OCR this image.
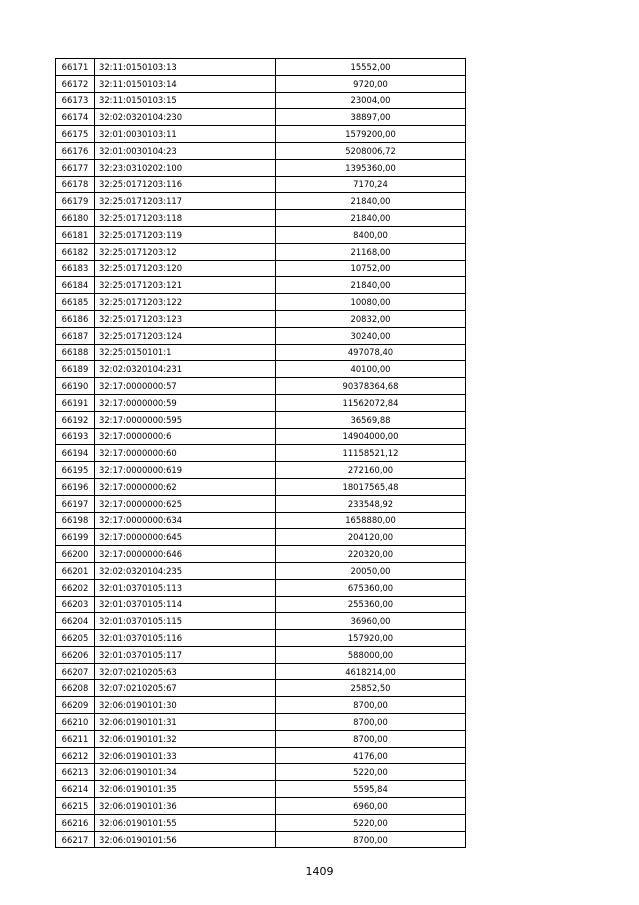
66171	32:11:0150103:13	15552,00
66172	32:11:0150103:14	9720,00
66173	32:11:0150103:15	23004,00
66174	32:02:0320104:230	38897,00
66175	32:01:0030103:11	1579200,00
66176	32:01:0030104:23	5208006,72
66177	32:23:0310202:100	1395360,00
66178	32:25:0171203:116	7170,24
66179	32:25:0171203:117	21840,00
66180	32:25:0171203:118	21840,00
66181	32:25:0171203:119	8400,00
66182	32:25:0171203:12	21168,00
66183	32:25:0171203:120	10752,00
66184	32:25:0171203:121	21840,00
66185	32:25:0171203:122	10080,00
66186	32:25:0171203:123	20832,00
66187	32:25:0171203:124	30240,00
66188	32:25:0150101:1	497078,40
66189	32:02:0320104:231	40100,00
66190	32:17:0000000:57	90378364,68
66191	32:17:0000000:59	11562072,84
66192	32:17:0000000:595	36569,88
66193	32:17:0000000:6	14904000,00
66194	32:17:0000000:60	11158521,12
66195	32:17:0000000:619	272160,00
66196	32:17:0000000:62	18017565,48
66197	32:17:0000000:625	233548,92
66198	32:17:0000000:634	1658880,00
66199	32:17:0000000:645	204120,00
66200	32:17:0000000:646	220320,00
66201	32:02:0320104:235	20050,00
66202	32:01:0370105:113	675360,00
66203	32:01:0370105:114	255360,00
66204	32:01:0370105:115	36960,00
66205	32:01:0370105:116	157920,00
66206	32:01:0370105:117	588000,00
66207	32:07:0210205:63	4618214,00
66208	32:07:0210205:67	25852,50
66209	32:06:0190101:30	8700,00
66210	32:06:0190101:31	8700,00
66211	32:06:0190101:32	8700,00
66212	32:06:0190101:33	4176,00
66213	32:06:0190101:34	5220,00
66214	32:06:0190101:35	5595,84
66215	32:06:0190101:36	6960,00
66216	32:06:0190101:55	5220,00
66217	32:06:0190101:56	8700,00
1409
